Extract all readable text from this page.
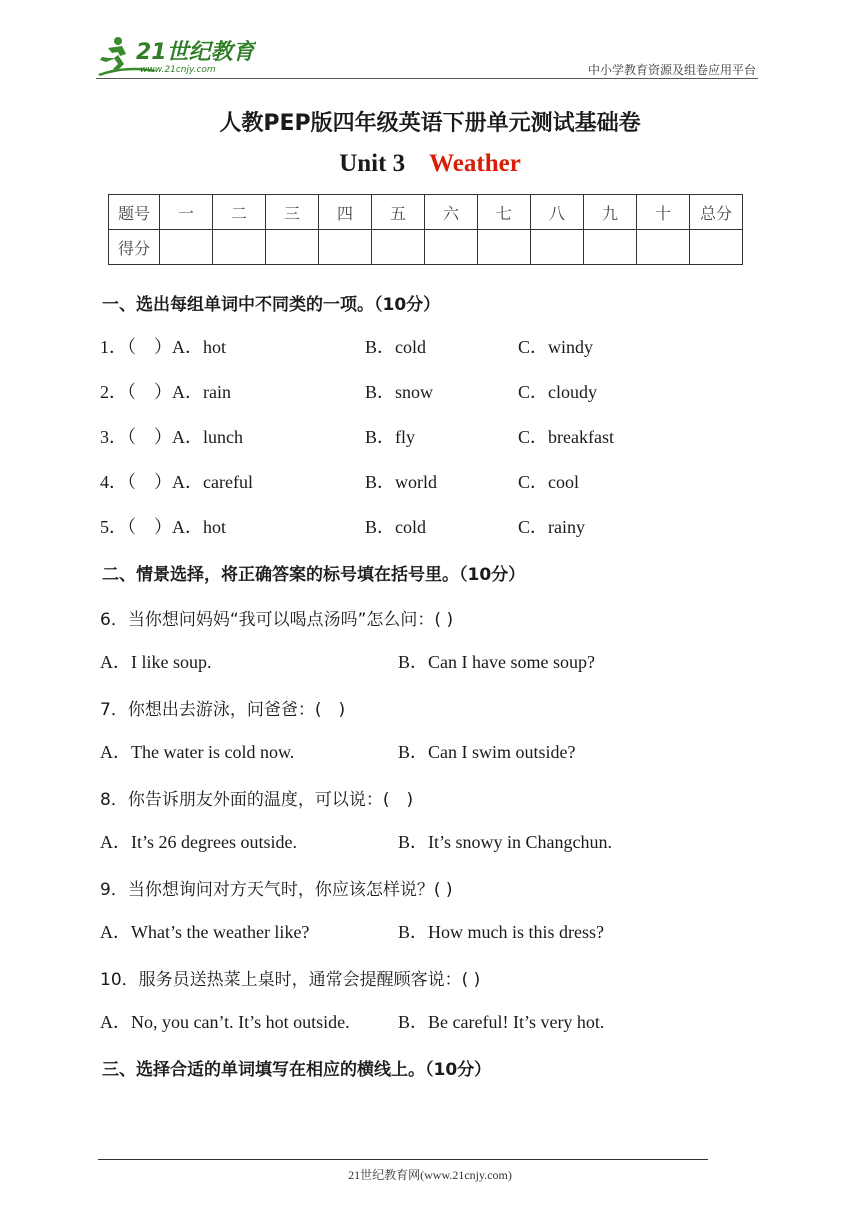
21世纪教育
www.21cnjy.com	中小学教育资源及组卷应用平台
人教PEP版四年级英语下册单元测试基础卷
Unit 3 Weather
题号	一	二	三	四	五	六	七	八	九	十	总分
得分											
一、选出每组单词中不同类的一项。（10分）
1．（　）A．hot	B．cold	C．windy
2．（　）A．rain	B．snow	C．cloudy
3．（　）A．lunch	B．fly	C．breakfast
4．（　）A．careful	B．world	C．cool
5．（　）A．hot	B．cold	C．rainy
二、情景选择，将正确答案的标号填在括号里。（10分）
6．当你想问妈妈“我可以喝点汤吗”怎么问：( )
A．I like soup.	B．Can I have some soup?
7．你想出去游泳，问爸爸：(　)
A．The water is cold now.	B．Can I swim outside?
8．你告诉朋友外面的温度，可以说：(　)
A．It’s 26 degrees outside.	B．It’s snowy in Changchun.
9．当你想询问对方天气时，你应该怎样说？( )
A．What’s the weather like?	B．How much is this dress?
10．服务员送热菜上桌时，通常会提醒顾客说：( )
A．No, you can’t. It’s hot outside.	B．Be careful! It’s very hot.
三、选择合适的单词填写在相应的横线上。（10分）
21世纪教育网(www.21cnjy.com)
